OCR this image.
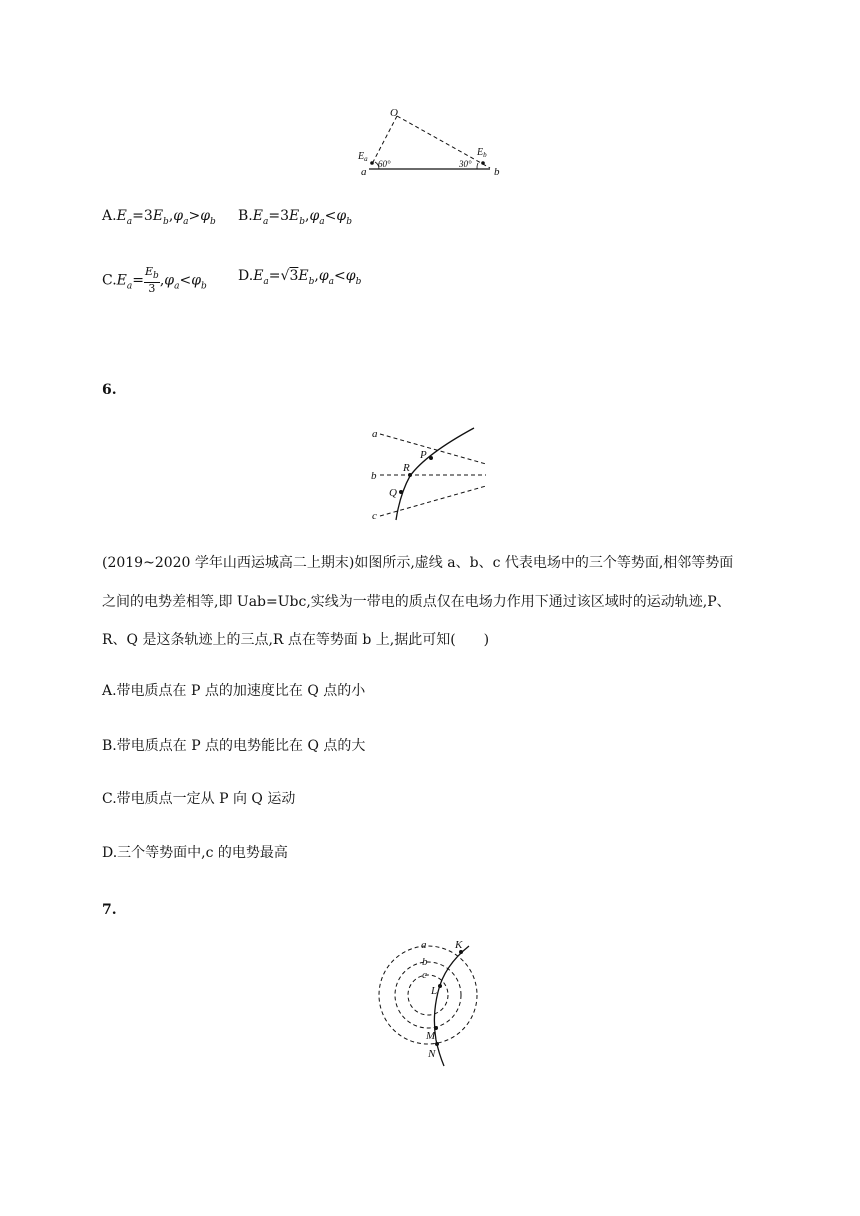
O
$E_a$ 60°	30°
$E_b$
a	b
$A.E_a=3E_b,\varphi_a>\varphi_b$ $B.E_a=3E_b,\varphi_a<\varphi_b$
$C.E_a= \frac{E_b}{3} ,\varphi_a<\varphi_b$
$D.E_a=√3E_b,\varphi_a<\varphi_b$
6.
a
b
c
P
R
Q
(2019~2020 学年山西运城高二上期末)如图所示,虚线 a、b、c 代表电场中的三个等势面,相邻等势面
之间的电势差相等,即 Uab=Ubc,实线为一带电的质点仅在电场力作用下通过该区域时的运动轨迹,P、
R、Q 是这条轨迹上的三点,R 点在等势面 b 上,据此可知(　　)
A.带电质点在 P 点的加速度比在 Q 点的小
B.带电质点在 P 点的电势能比在 Q 点的大
C.带电质点一定从 P 向 Q 运动
D.三个等势面中,c 的电势最高
7.
a
b
c
K
L
M
N
